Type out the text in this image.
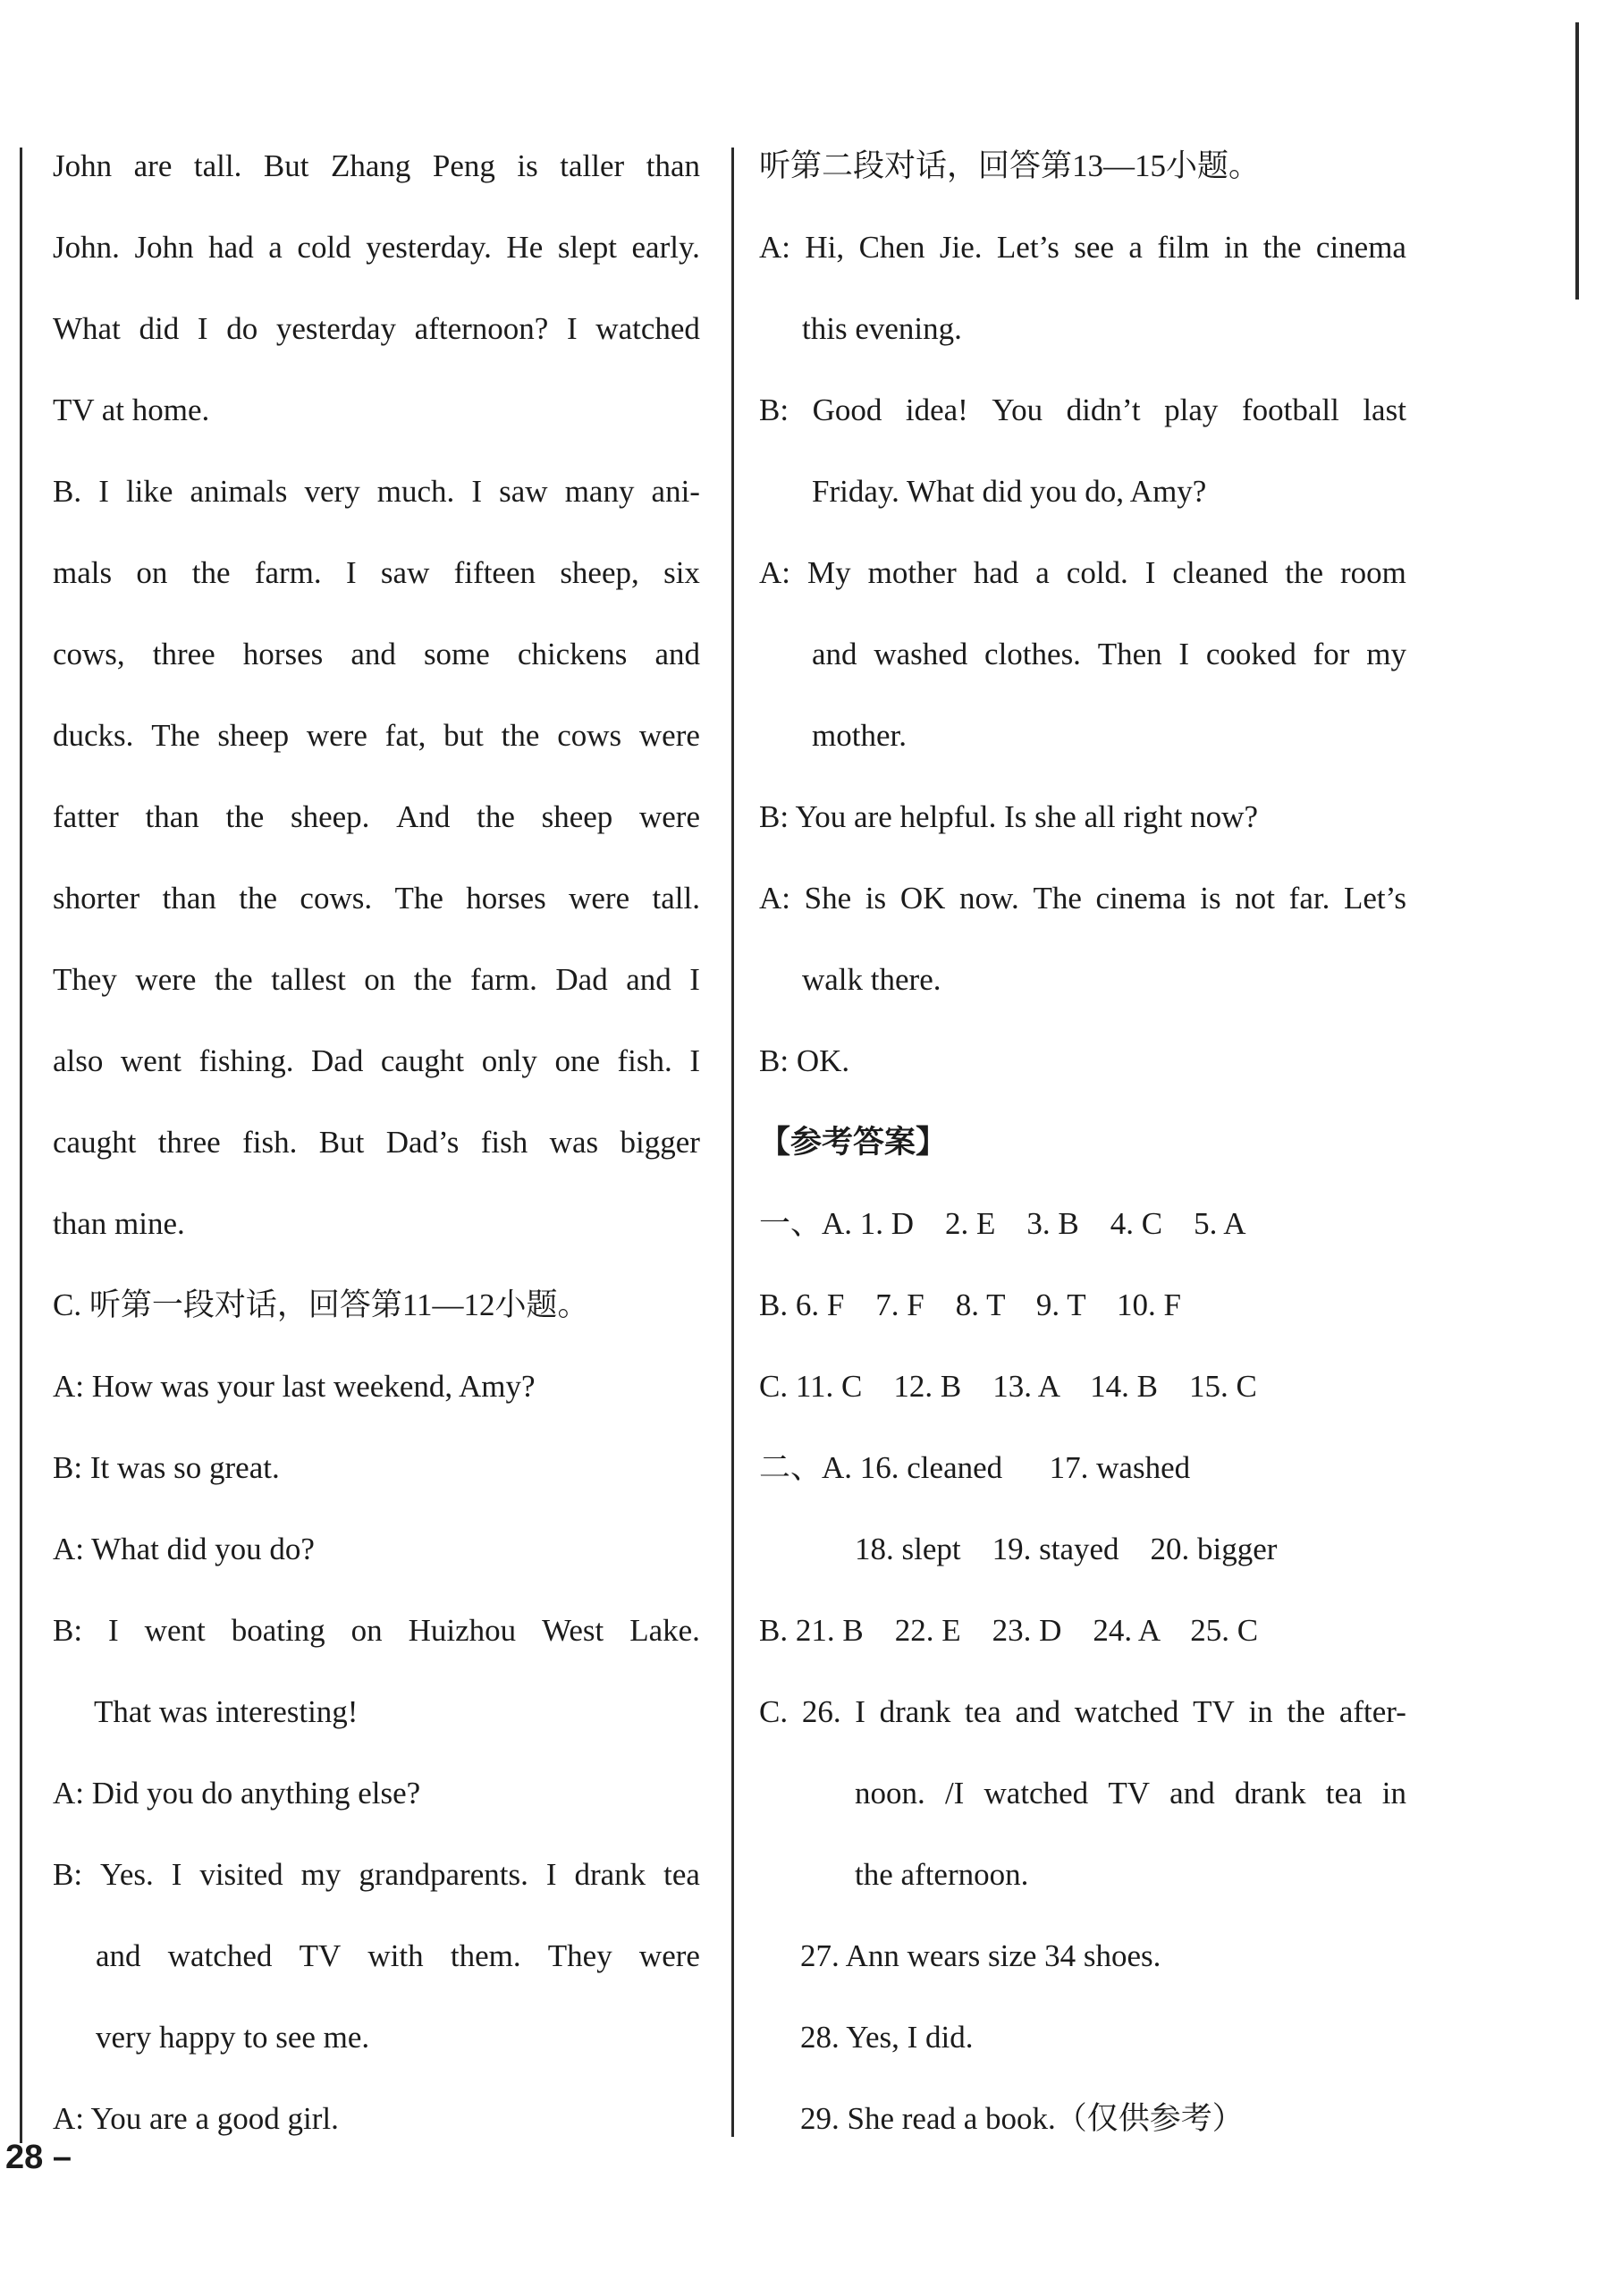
John are tall. But Zhang Peng is taller than
John. John had a cold yesterday. He slept early.
What did I do yesterday afternoon? I watched
TV at home.
B. I like animals very much. I saw many ani-
mals on the farm. I saw fifteen sheep, six
cows, three horses and some chickens and
ducks. The sheep were fat, but the cows were
fatter than the sheep. And the sheep were
shorter than the cows. The horses were tall.
They were the tallest on the farm. Dad and I
also went fishing. Dad caught only one fish. I
caught three fish. But Dad’s fish was bigger
than mine.
C. 听第一段对话，回答第11—12小题。
A: How was your last weekend, Amy?
B: It was so great.
A: What did you do?
B: I went boating on Huizhou West Lake.
That was interesting!
A: Did you do anything else?
B: Yes. I visited my grandparents. I drank tea
and watched TV with them. They were
very happy to see me.
A: You are a good girl.
听第二段对话，回答第13—15小题。
A: Hi, Chen Jie. Let’s see a film in the cinema
this evening.
B: Good idea! You didn’t play football last
Friday. What did you do, Amy?
A: My mother had a cold. I cleaned the room
and washed clothes. Then I cooked for my
mother.
B: You are helpful. Is she all right now?
A: She is OK now. The cinema is not far. Let’s
walk there.
B: OK.
【参考答案】
一、A. 1. D    2. E    3. B    4. C    5. A
B. 6. F    7. F    8. T    9. T    10. F
C. 11. C    12. B    13. A    14. B    15. C
二、A. 16. cleaned      17. washed
18. slept    19. stayed    20. bigger
B. 21. B    22. E    23. D    24. A    25. C
C. 26. I drank tea and watched TV in the after-
noon. /I watched TV and drank tea in
the afternoon.
27. Ann wears size 34 shoes.
28. Yes, I did.
29. She read a book.（仅供参考）
28 –
